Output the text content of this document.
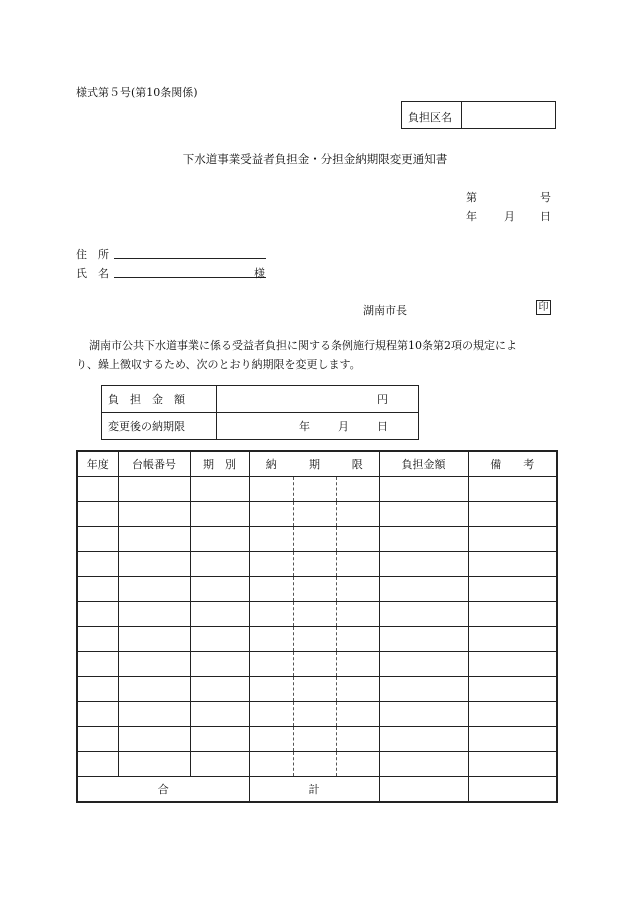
様式第５号(第10条関係)
負担区名
下水道事業受益者負担金・分担金納期限変更通知書
第	号
年 月 日
住　所
氏　名	様
湖南市長	印
湖南市公共下水道事業に係る受益者負担に関する条例施行規程第10条第2項の規定によ
り、繰上徴収するため、次のとおり納期限を変更します。
負　担　金　額	円
変更後の納期限	年 月 日
年度	台帳番号	期　別	納	期	限	負担金額	備　　考

合			計				
